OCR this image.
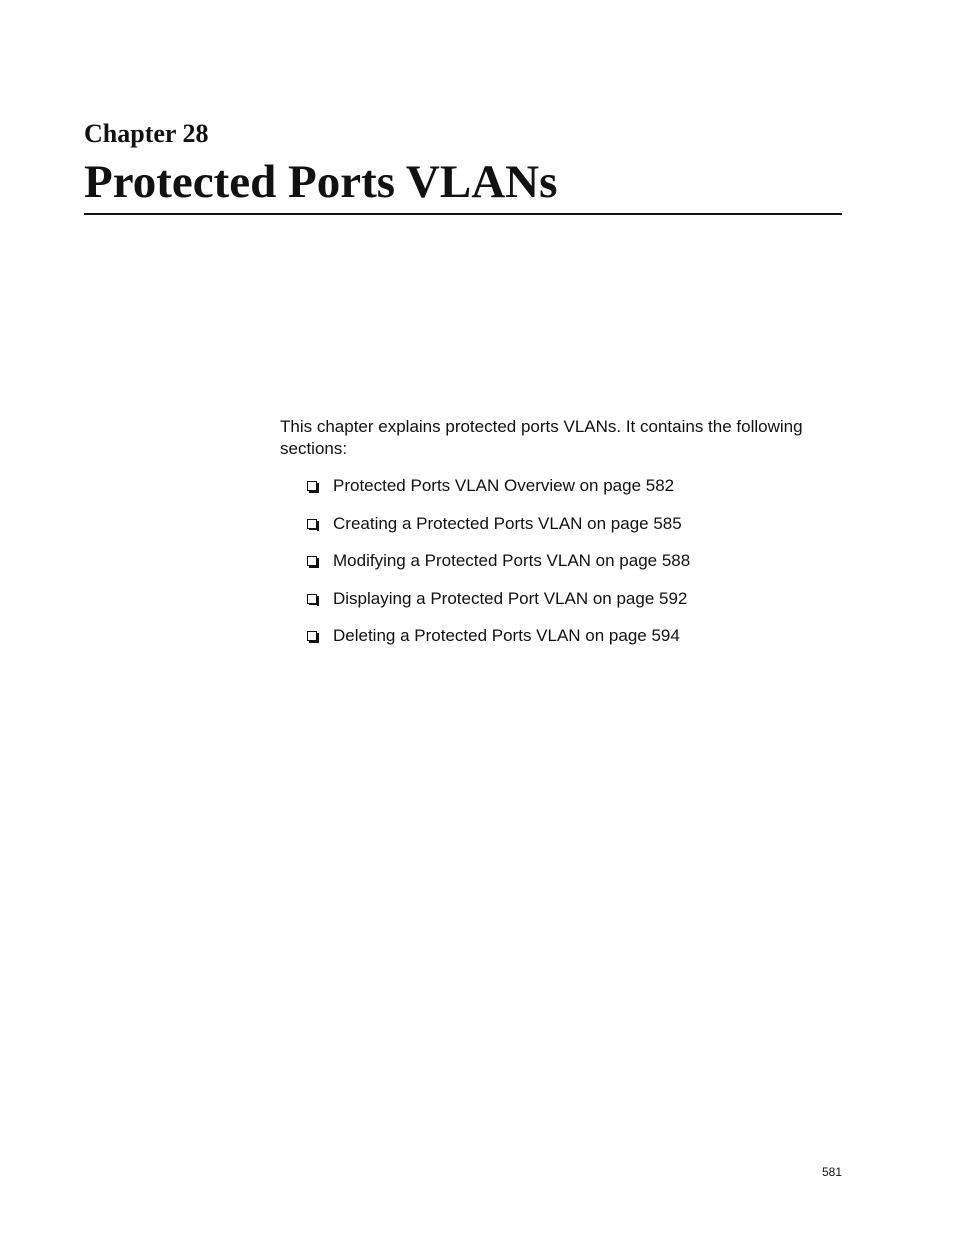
Chapter 28
Protected Ports VLANs

This chapter explains protected ports VLANs. It contains the following sections:

Protected Ports VLAN Overview on page 582
Creating a Protected Ports VLAN on page 585
Modifying a Protected Ports VLAN on page 588
Displaying a Protected Port VLAN on page 592
Deleting a Protected Ports VLAN on page 594
581
